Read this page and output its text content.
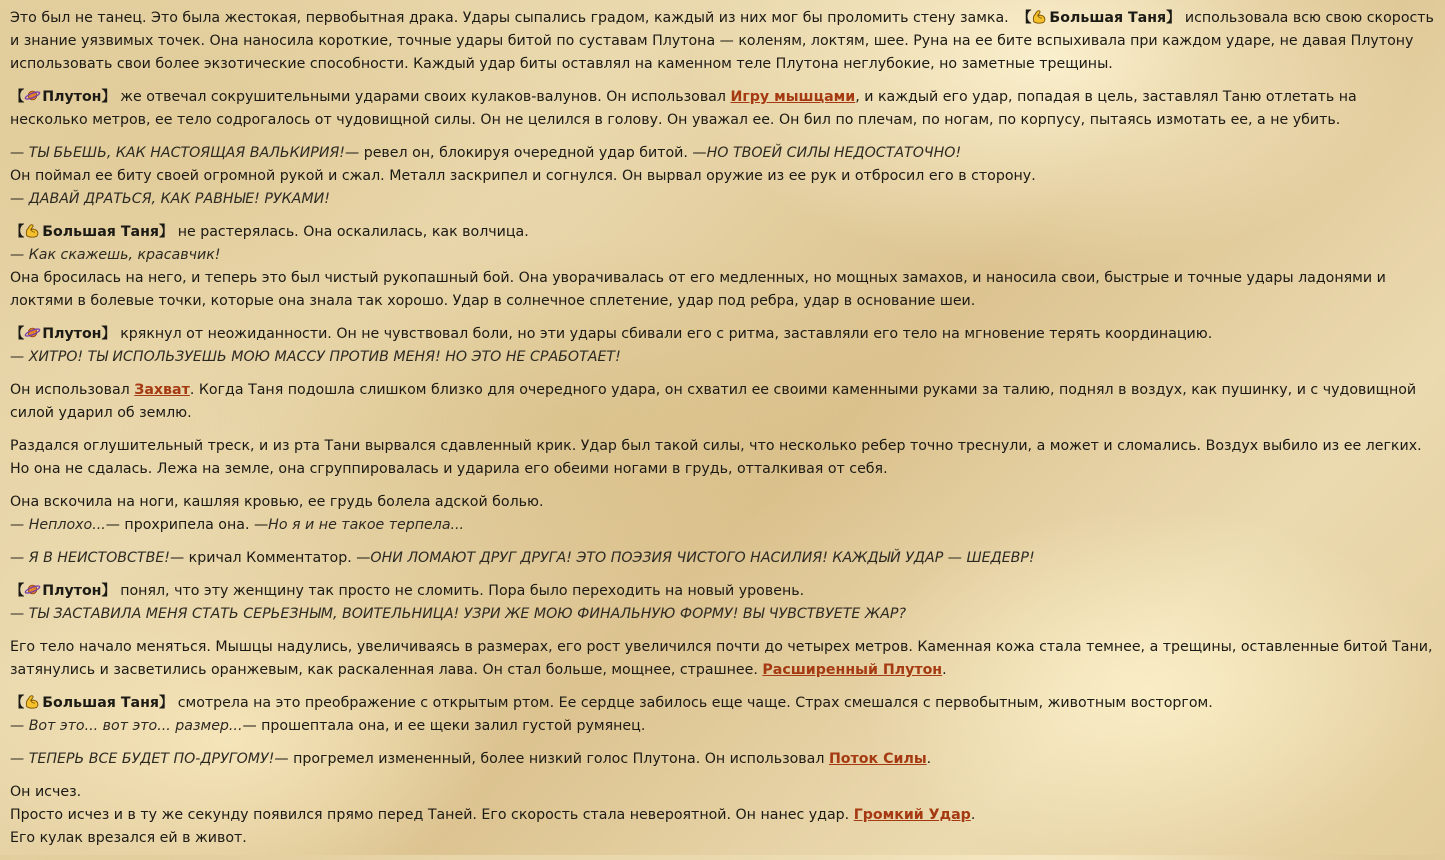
Это был не танец. Это была жестокая, первобытная драка. Удары сыпались градом, каждый из них мог бы проломить стену замка. 【 Большая Таня】 использовала всю свою скорость и знание уязвимых точек. Она наносила короткие, точные удары битой по суставам Плутона — коленям, локтям, шее. Руна на ее бите вспыхивала при каждом ударе, не давая Плутону использовать свои более экзотические способности. Каждый удар биты оставлял на каменном теле Плутона неглубокие, но заметные трещины.
【 Плутон】 же отвечал сокрушительными ударами своих кулаков-валунов. Он использовал Игру мышцами, и каждый его удар, попадая в цель, заставлял Таню отлетать на несколько метров, ее тело содрогалось от чудовищной силы. Он не целился в голову. Он уважал ее. Он бил по плечам, по ногам, по корпусу, пытаясь измотать ее, а не убить.
— ТЫ БЬЕШЬ, КАК НАСТОЯЩАЯ ВАЛЬКИРИЯ!— ревел он, блокируя очередной удар битой. —НО ТВОЕЙ СИЛЫ НЕДОСТАТОЧНО!
Он поймал ее биту своей огромной рукой и сжал. Металл заскрипел и согнулся. Он вырвал оружие из ее рук и отбросил его в сторону.
— ДАВАЙ ДРАТЬСЯ, КАК РАВНЫЕ! РУКАМИ!
【 Большая Таня】 не растерялась. Она оскалилась, как волчица.
— Как скажешь, красавчик!
Она бросилась на него, и теперь это был чистый рукопашный бой. Она уворачивалась от его медленных, но мощных замахов, и наносила свои, быстрые и точные удары ладонями и локтями в болевые точки, которые она знала так хорошо. Удар в солнечное сплетение, удар под ребра, удар в основание шеи.
【 Плутон】 крякнул от неожиданности. Он не чувствовал боли, но эти удары сбивали его с ритма, заставляли его тело на мгновение терять координацию.
— ХИТРО! ТЫ ИСПОЛЬЗУЕШЬ МОЮ МАССУ ПРОТИВ МЕНЯ! НО ЭТО НЕ СРАБОТАЕТ!
Он использовал Захват. Когда Таня подошла слишком близко для очередного удара, он схватил ее своими каменными руками за талию, поднял в воздух, как пушинку, и с чудовищной силой ударил об землю.
Раздался оглушительный треск, и из рта Тани вырвался сдавленный крик. Удар был такой силы, что несколько ребер точно треснули, а может и сломались. Воздух выбило из ее легких. Но она не сдалась. Лежа на земле, она сгруппировалась и ударила его обеими ногами в грудь, отталкивая от себя.
Она вскочила на ноги, кашляя кровью, ее грудь болела адской болью.
— Неплохо...— прохрипела она. —Но я и не такое терпела...
— Я В НЕИСТОВСТВЕ!— кричал Комментатор. —ОНИ ЛОМАЮТ ДРУГ ДРУГА! ЭТО ПОЭЗИЯ ЧИСТОГО НАСИЛИЯ! КАЖДЫЙ УДАР — ШЕДЕВР!
【 Плутон】 понял, что эту женщину так просто не сломить. Пора было переходить на новый уровень.
— ТЫ ЗАСТАВИЛА МЕНЯ СТАТЬ СЕРЬЕЗНЫМ, ВОИТЕЛЬНИЦА! УЗРИ ЖЕ МОЮ ФИНАЛЬНУЮ ФОРМУ! ВЫ ЧУВСТВУЕТЕ ЖАР?
Его тело начало меняться. Мышцы надулись, увеличиваясь в размерах, его рост увеличился почти до четырех метров. Каменная кожа стала темнее, а трещины, оставленные битой Тани, затянулись и засветились оранжевым, как раскаленная лава. Он стал больше, мощнее, страшнее. Расширенный Плутон.
【 Большая Таня】 смотрела на это преображение с открытым ртом. Ее сердце забилось еще чаще. Страх смешался с первобытным, животным восторгом.
— Вот это... вот это... размер...— прошептала она, и ее щеки залил густой румянец.
— ТЕПЕРЬ ВСЕ БУДЕТ ПО-ДРУГОМУ!— прогремел измененный, более низкий голос Плутона. Он использовал Поток Силы.
Он исчез.
Просто исчез и в ту же секунду появился прямо перед Таней. Его скорость стала невероятной. Он нанес удар. Громкий Удар.
Его кулак врезался ей в живот.
